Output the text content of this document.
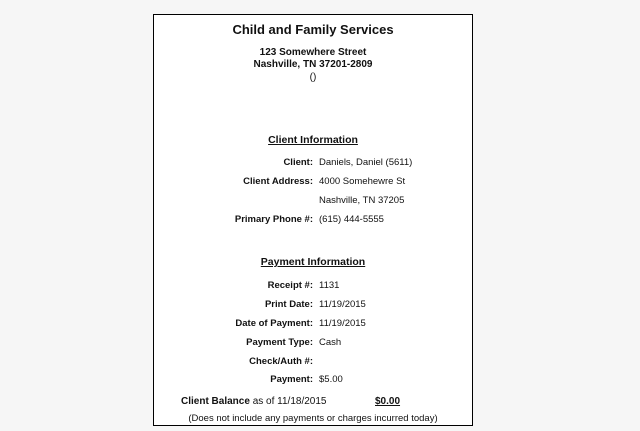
Child and Family Services
123 Somewhere Street
Nashville, TN 37201-2809
()
Client Information
Client: Daniels, Daniel (5611)
Client Address: 4000 Somehewre St
Nashville, TN 37205
Primary Phone #: (615) 444-5555
Payment Information
Receipt #: 1131
Print Date: 11/19/2015
Date of Payment: 11/19/2015
Payment Type: Cash
Check/Auth #:
Payment: $5.00
Client Balance as of 11/18/2015	$0.00
(Does not include any payments or charges incurred today)
